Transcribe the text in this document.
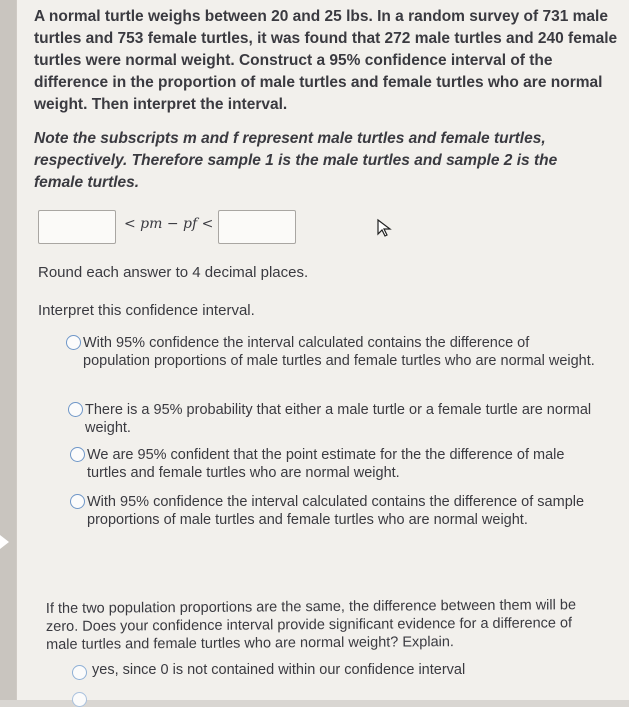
A normal turtle weighs between 20 and 25 lbs. In a random survey of 731 male turtles and 753 female turtles, it was found that 272 male turtles and 240 female turtles were normal weight. Construct a 95% confidence interval of the difference in the proportion of male turtles and female turtles who are normal weight. Then interpret the interval.
Note the subscripts m and f represent male turtles and female turtles, respectively. Therefore sample 1 is the male turtles and sample 2 is the female turtles.
< pm − pf <
Round each answer to 4 decimal places.
Interpret this confidence interval.
With 95% confidence the interval calculated contains the difference of population proportions of male turtles and female turtles who are normal weight.
There is a 95% probability that either a male turtle or a female turtle are normal weight.
We are 95% confident that the point estimate for the the difference of male turtles and female turtles who are normal weight.
With 95% confidence the interval calculated contains the difference of sample proportions of male turtles and female turtles who are normal weight.
If the two population proportions are the same, the difference between them will be zero. Does your confidence interval provide significant evidence for a difference of male turtles and female turtles who are normal weight? Explain.
yes, since 0 is not contained within our confidence interval
